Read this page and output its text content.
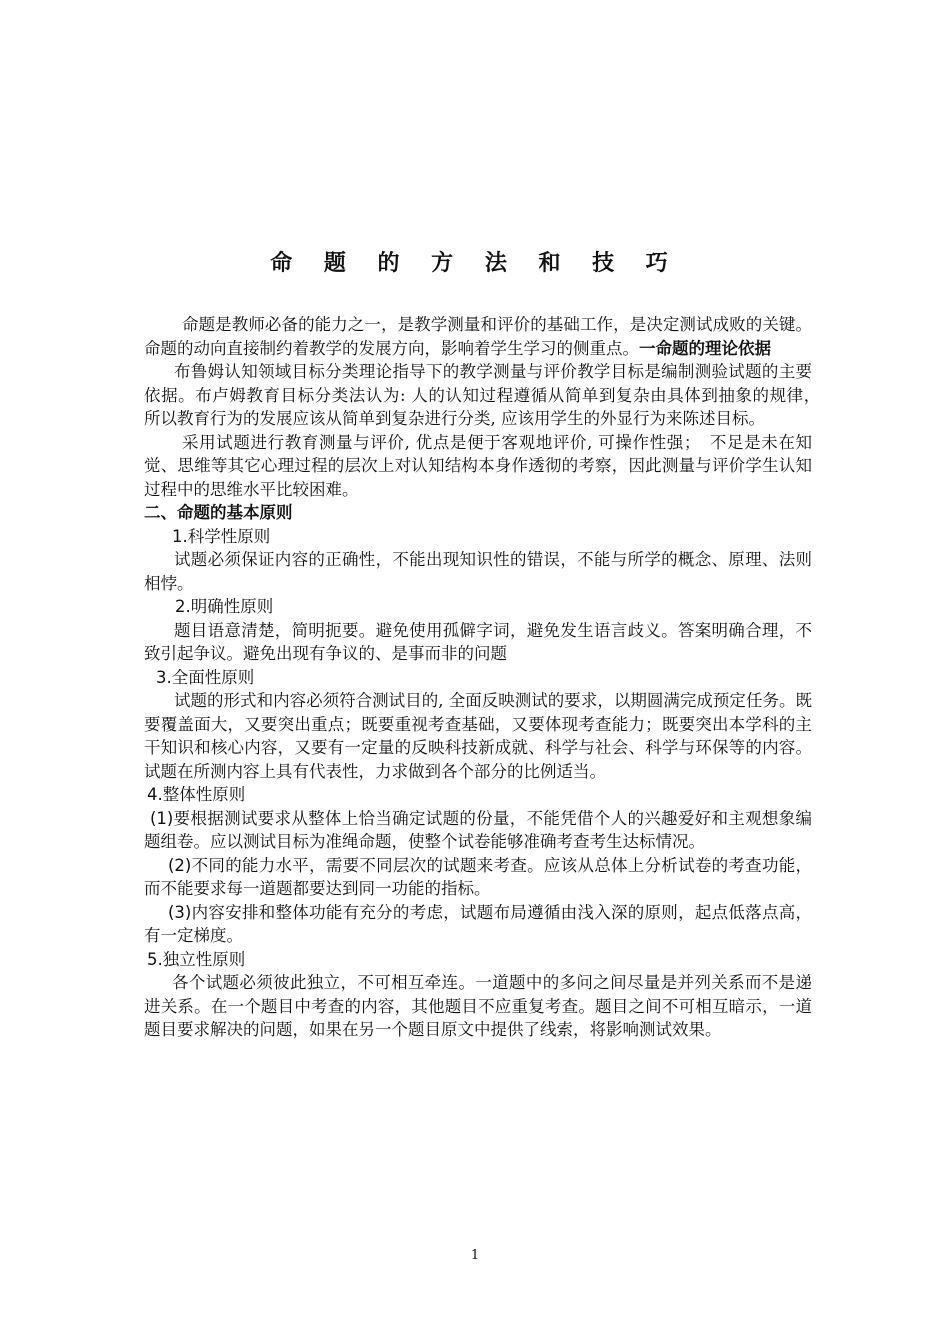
命 题 的 方 法 和 技 巧

命题是教师必备的能力之一，是教学测量和评价的基础工作，是决定测试成败的关键。命题的动向直接制约着教学的发展方向，影响着学生学习的侧重点。一命题的理论依据

布鲁姆认知领域目标分类理论指导下的教学测量与评价教学目标是编制测验试题的主要依据。布卢姆教育目标分类法认为: 人的认知过程遵循从简单到复杂由具体到抽象的规律，　所以教育行为的发展应该从简单到复杂进行分类, 应该用学生的外显行为来陈述目标。

采用试题进行教育测量与评价, 优点是便于客观地评价, 可操作性强；　不足是未在知觉、思维等其它心理过程的层次上对认知结构本身作透彻的考察，因此测量与评价学生认知过程中的思维水平比较困难。

二、命题的基本原则

1.科学性原则

试题必须保证内容的正确性，不能出现知识性的错误，不能与所学的概念、原理、法则相悖。

2.明确性原则

题目语意清楚，简明扼要。避免使用孤僻字词，避免发生语言歧义。答案明确合理，不致引起争议。避免出现有争议的、是事而非的问题

3.全面性原则

试题的形式和内容必须符合测试目的, 全面反映测试的要求，以期圆满完成预定任务。既要覆盖面大，又要突出重点；既要重视考查基础，又要体现考查能力；既要突出本学科的主干知识和核心内容，又要有一定量的反映科技新成就、科学与社会、科学与环保等的内容。试题在所测内容上具有代表性，力求做到各个部分的比例适当。

4.整体性原则

(1)要根据测试要求从整体上恰当确定试题的份量，不能凭借个人的兴趣爱好和主观想象编题组卷。应以测试目标为准绳命题，使整个试卷能够准确考查考生达标情况。

(2)不同的能力水平，需要不同层次的试题来考查。应该从总体上分析试卷的考查功能，而不能要求每一道题都要达到同一功能的指标。

(3)内容安排和整体功能有充分的考虑，试题布局遵循由浅入深的原则，起点低落点高，有一定梯度。

5.独立性原则

各个试题必须彼此独立，不可相互牵连。一道题中的多问之间尽量是并列关系而不是递进关系。在一个题目中考查的内容，其他题目不应重复考查。题目之间不可相互暗示，一道题目要求解决的问题，如果在另一个题目原文中提供了线索，将影响测试效果。

1
